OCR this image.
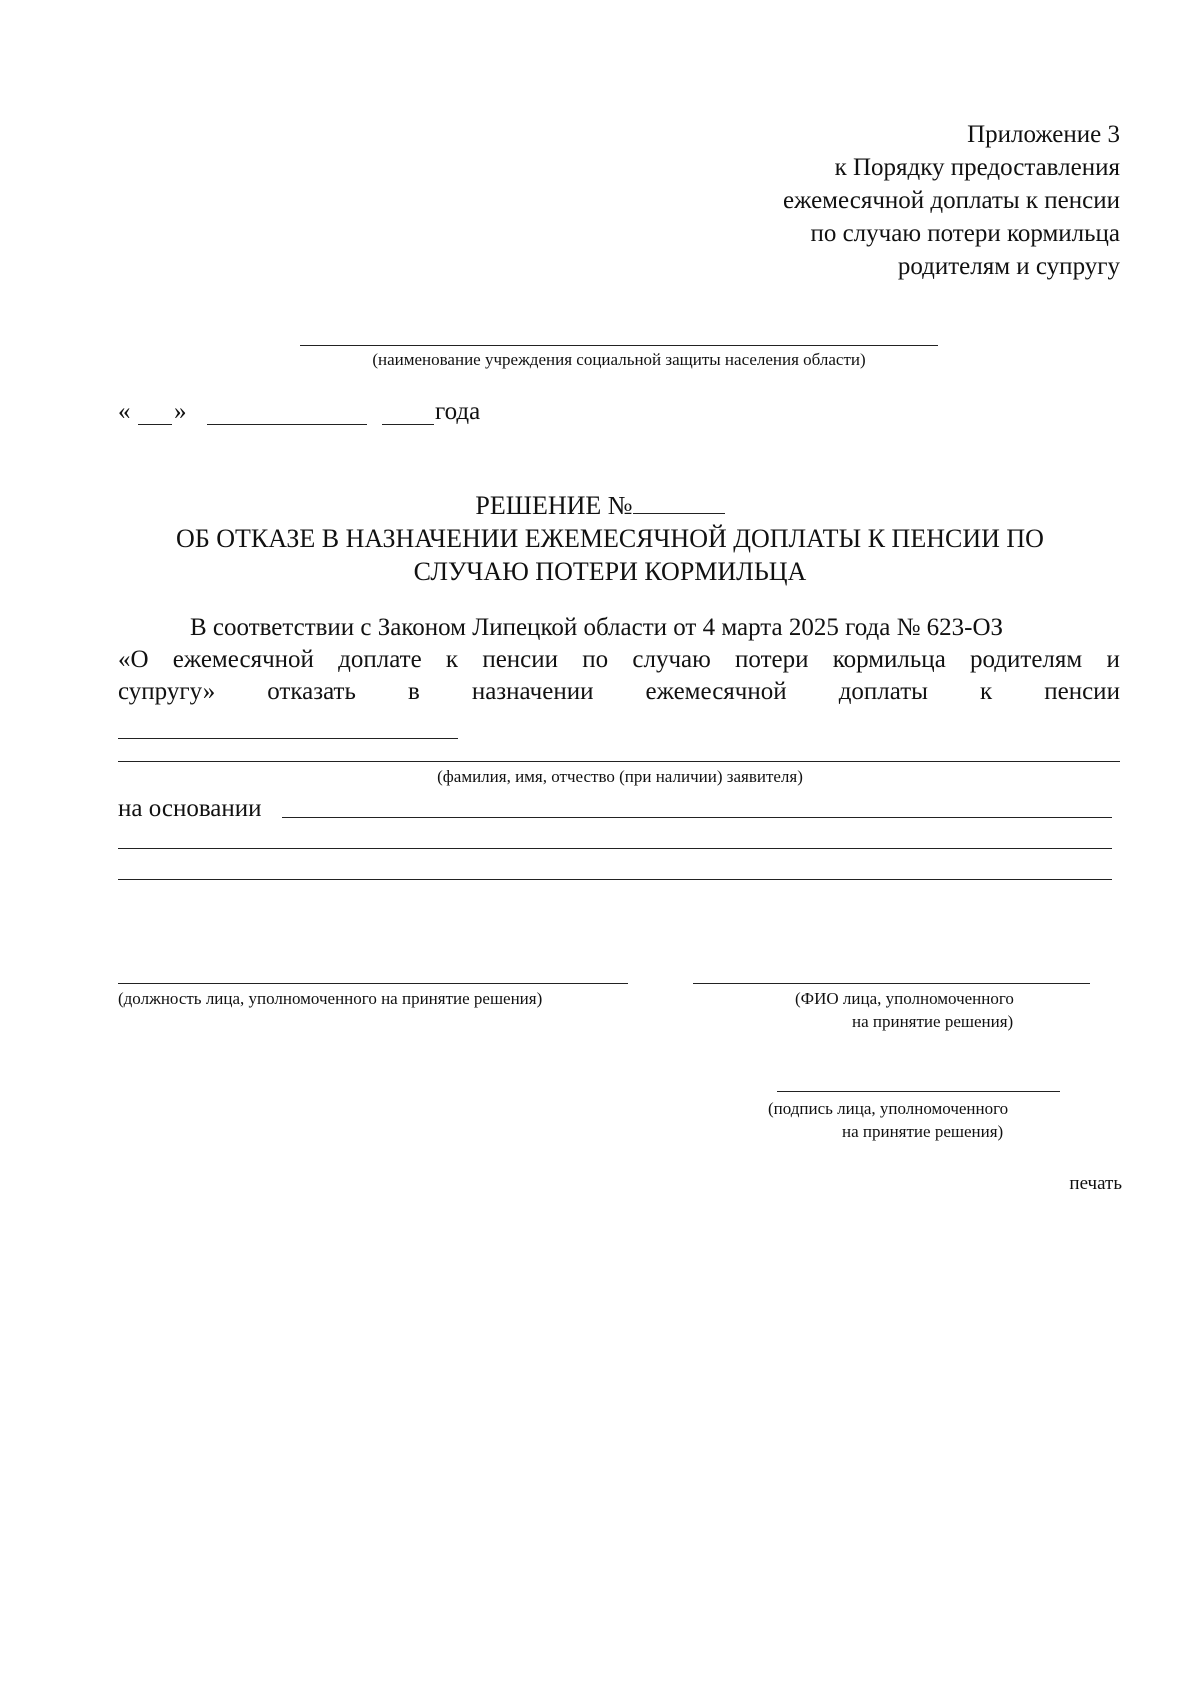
Приложение 3
к Порядку предоставления
ежемесячной доплаты к пенсии
по случаю потери кормильца
родителям и супругу
(наименование учреждения социальной защиты населения области)
« »	года
РЕШЕНИЕ №
ОБ ОТКАЗЕ В НАЗНАЧЕНИИ ЕЖЕМЕСЯЧНОЙ ДОПЛАТЫ К ПЕНСИИ ПО
СЛУЧАЮ ПОТЕРИ КОРМИЛЬЦА
В соответствии с Законом Липецкой области от 4 марта 2025 года № 623-ОЗ
«О ежемесячной доплате к пенсии по случаю потери кормильца родителям и
супругу» отказать в назначении ежемесячной доплаты к пенсии
(фамилия, имя, отчество (при наличии) заявителя)
на основании
(должность лица, уполномоченного на принятие решения)	(ФИО лица, уполномоченного
на принятие решения)
(подпись лица, уполномоченного
на принятие решения)
печать
